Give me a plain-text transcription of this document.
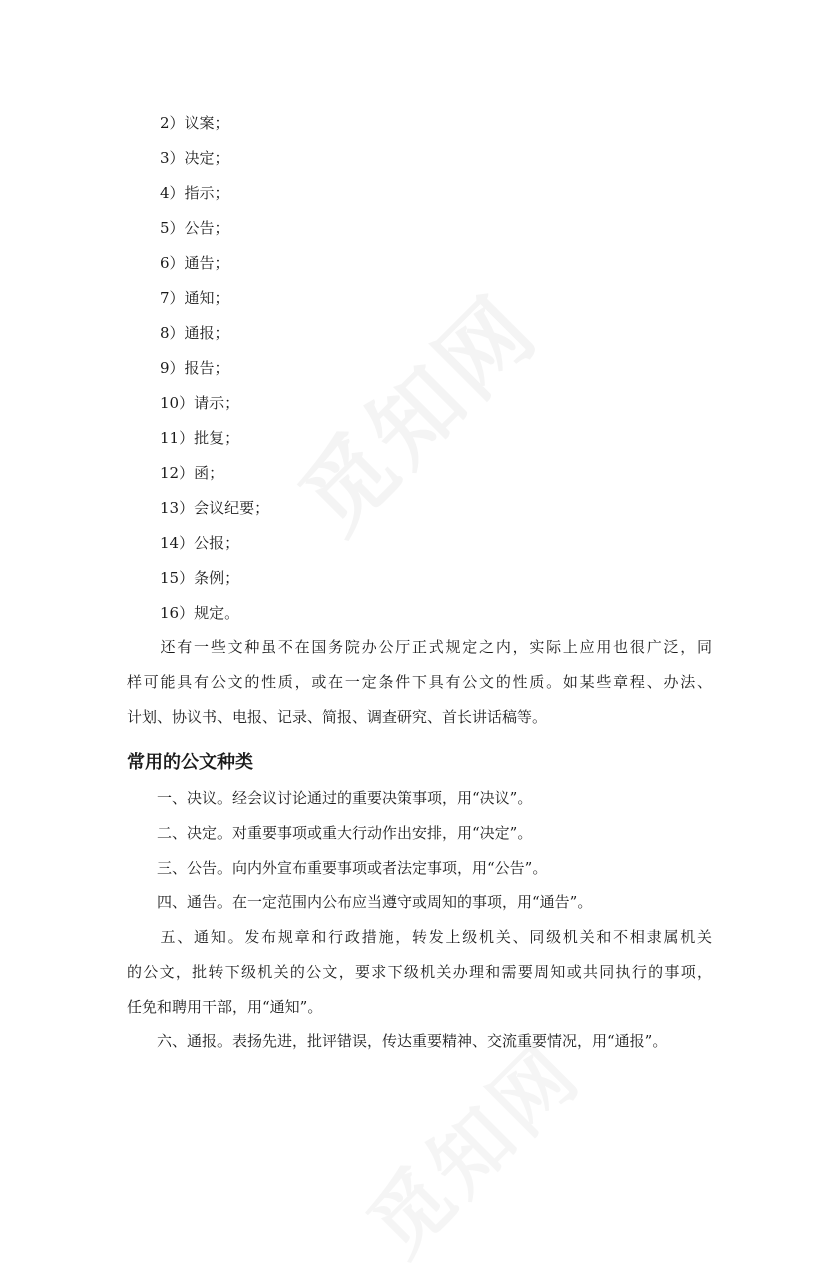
2）议案；
3）决定；
4）指示；
5）公告；
6）通告；
7）通知；
8）通报；
9）报告；
10）请示；
11）批复；
12）函；
13）会议纪要；
14）公报；
15）条例；
16）规定。
　　还有一些文种虽不在国务院办公厅正式规定之内，实际上应用也很广泛，同
样可能具有公文的性质，或在一定条件下具有公文的性质。如某些章程、办法、
计划、协议书、电报、记录、简报、调查研究、首长讲话稿等。
常用的公文种类
　　一、决议。经会议讨论通过的重要决策事项，用“决议”。
　　二、决定。对重要事项或重大行动作出安排，用“决定”。
　　三、公告。向内外宣布重要事项或者法定事项，用“公告”。
　　四、通告。在一定范围内公布应当遵守或周知的事项，用“通告”。
　　五、通知。发布规章和行政措施，转发上级机关、同级机关和不相隶属机关
的公文，批转下级机关的公文，要求下级机关办理和需要周知或共同执行的事项，
任免和聘用干部，用“通知”。
　　六、通报。表扬先进，批评错误，传达重要精神、交流重要情况，用“通报”。
